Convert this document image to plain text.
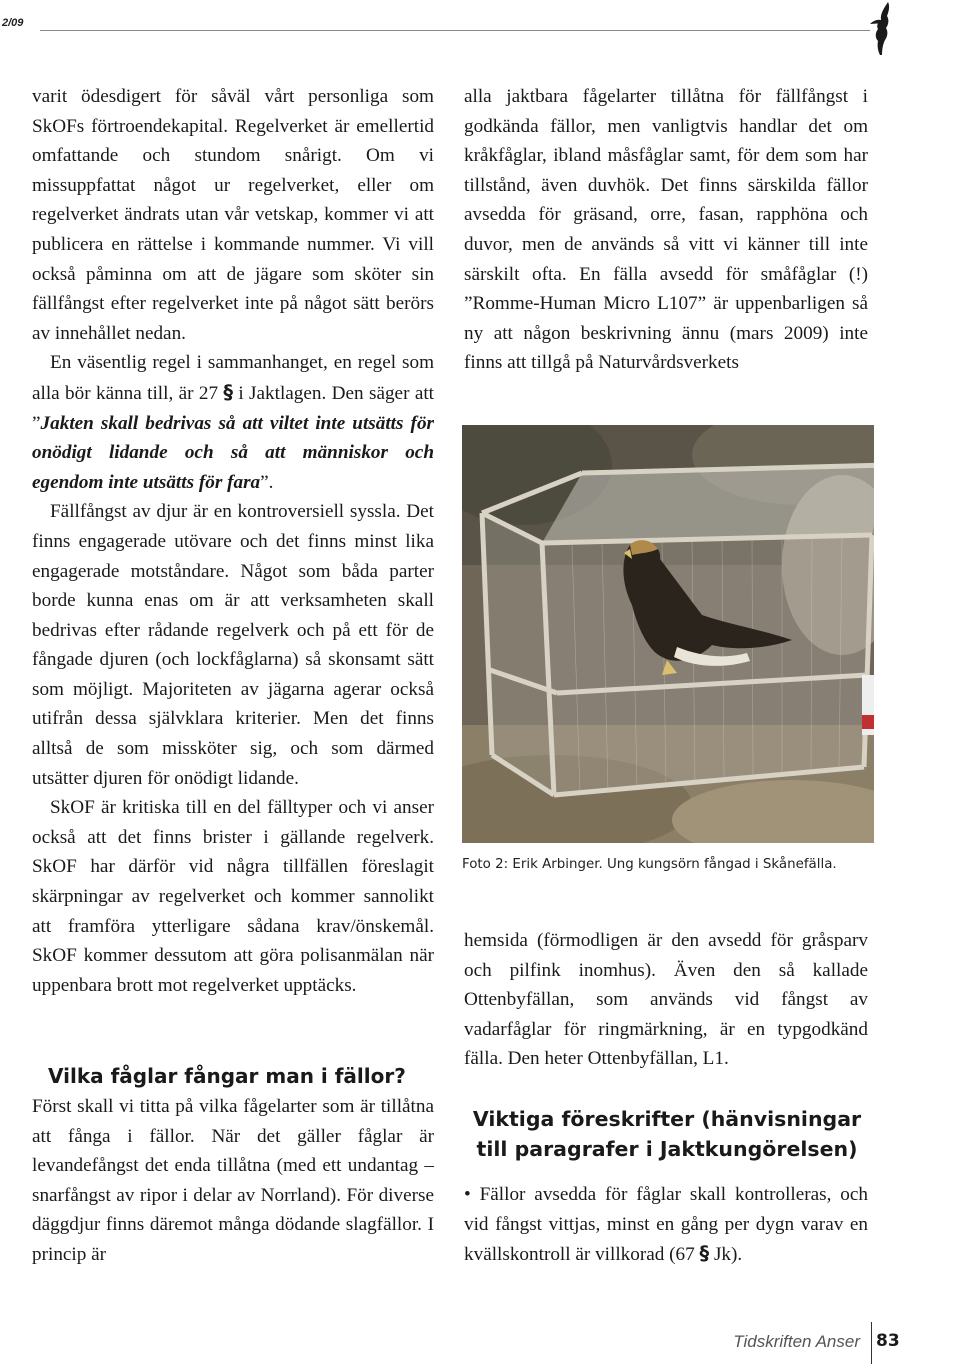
2/09

varit ödesdigert för såväl vårt personliga som SkOFs förtroendekapital. Regelverket är emellertid omfattande och stundom snårigt. Om vi missuppfattat något ur regelverket, eller om regelverket ändrats utan vår vetskap, kommer vi att publicera en rättelse i kommande nummer. Vi vill också påminna om att de jägare som sköter sin fällfångst efter regelverket inte på något sätt berörs av innehållet nedan.

En väsentlig regel i sammanhanget, en regel som alla bör känna till, är 27 § i Jaktlagen. Den säger att ”Jakten skall bedrivas så att viltet inte utsätts för onödigt lidande och så att människor och egendom inte utsätts för fara”.

Fällfångst av djur är en kontroversiell syssla. Det finns engagerade utövare och det finns minst lika engagerade motståndare. Något som båda parter borde kunna enas om är att verksamheten skall bedrivas efter rådande regelverk och på ett för de fångade djuren (och lockfåglarna) så skonsamt sätt som möjligt. Majoriteten av jägarna agerar också utifrån dessa självklara kriterier. Men det finns alltså de som missköter sig, och som därmed utsätter djuren för onödigt lidande.

SkOF är kritiska till en del fälltyper och vi anser också att det finns brister i gällande regelverk. SkOF har därför vid några tillfällen föreslagit skärpningar av regelverket och kommer sannolikt att framföra ytterligare sådana krav/önskemål. SkOF kommer dessutom att göra polisanmälan när uppenbara brott mot regelverket upptäcks.

Vilka fåglar fångar man i fällor?

Först skall vi titta på vilka fågelarter som är tillåtna att fånga i fällor. När det gäller fåglar är levandefångst det enda tillåtna (med ett undantag – snarfångst av ripor i delar av Norrland). För diverse däggdjur finns däremot många dödande slagfällor. I princip är

alla jaktbara fågelarter tillåtna för fällfångst i godkända fällor, men vanligtvis handlar det om kråkfåglar, ibland måsfåglar samt, för dem som har tillstånd, även duvhök. Det finns särskilda fällor avsedda för gräsand, orre, fasan, rapphöna och duvor, men de används så vitt vi känner till inte särskilt ofta. En fälla avsedd för småfåglar (!) ”Romme-Human Micro L107” är uppenbarligen så ny att någon beskrivning ännu (mars 2009) inte finns att tillgå på Naturvårdsverkets

Foto 2: Erik Arbinger. Ung kungsörn fångad i Skånefälla.

hemsida (förmodligen är den avsedd för gråsparv och pilfink inomhus). Även den så kallade Ottenbyfällan, som används vid fångst av vadarfåglar för ringmärkning, är en typgodkänd fälla. Den heter Ottenbyfällan, L1.

Viktiga föreskrifter (hänvisningar till paragrafer i Jaktkungörelsen)

• Fällor avsedda för fåglar skall kontrolleras, och vid fångst vittjas, minst en gång per dygn varav en kvällskontroll är villkorad (67 § Jk).

Tidskriften Anser 83
